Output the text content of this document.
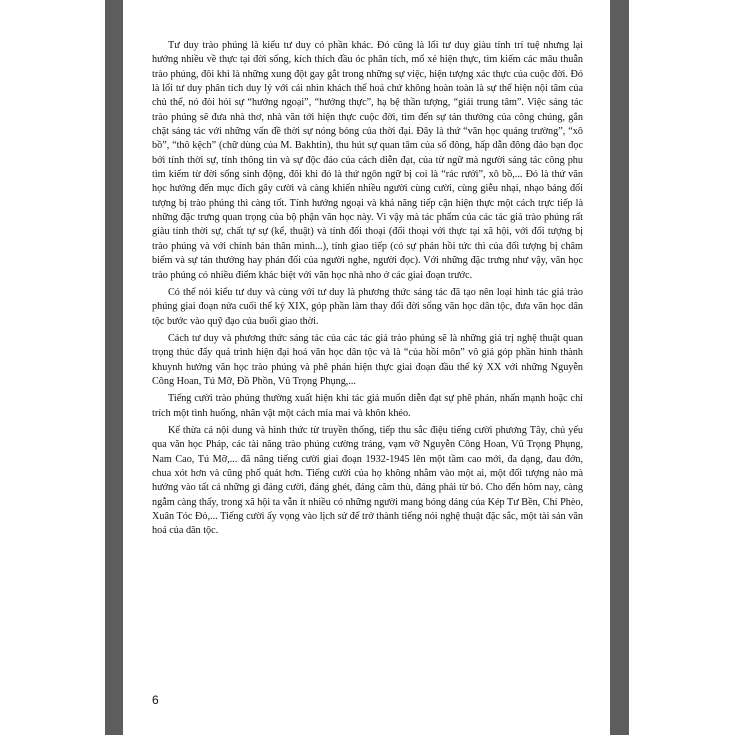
Tư duy trào phúng là kiểu tư duy có phần khác. Đó cũng là lối tư duy giàu tính trí tuệ nhưng lại hướng nhiều về thực tại đời sống, kích thích đầu óc phân tích, mổ xẻ hiện thực, tìm kiếm các mâu thuẫn trào phúng, đôi khi là những xung đột gay gắt trong những sự việc, hiện tượng xác thực của cuộc đời. Đó là lối tư duy phân tích duy lý với cái nhìn khách thể hoá chứ không hoàn toàn là sự thể hiện nội tâm của chủ thể, nó đòi hỏi sự “hướng ngoại”, “hướng thực”, hạ bệ thần tượng, “giải trung tâm”. Việc sáng tác trào phúng sẽ đưa nhà thơ, nhà văn tới hiện thực cuộc đời, tìm đến sự tán thưởng của công chúng, gắn chặt sáng tác với những vấn đề thời sự nóng bỏng của thời đại. Đây là thứ “văn học quảng trường”, “xô bồ”, “thô kệch” (chữ dùng của M. Bakhtin), thu hút sự quan tâm của số đông, hấp dẫn đông đảo bạn đọc bởi tính thời sự, tính thông tin và sự độc đáo của cách diễn đạt, của từ ngữ mà người sáng tác công phu tìm kiếm từ đời sống sinh động, đôi khi đó là thứ ngôn ngữ bị coi là “rác rưởi”, xô bồ,... Đó là thứ văn học hướng đến mục đích gây cười và càng khiến nhiều người cùng cười, cùng giễu nhại, nhạo báng đối tượng bị trào phúng thì càng tốt. Tính hướng ngoại và khả năng tiếp cận hiện thực một cách trực tiếp là những đặc trưng quan trọng của bộ phận văn học này. Vì vậy mà tác phẩm của các tác giả trào phúng rất giàu tính thời sự, chất tự sự (kể, thuật) và tính đối thoại (đối thoại với thực tại xã hội, với đối tượng bị trào phúng và với chính bản thân mình...), tính giao tiếp (có sự phản hồi tức thì của đối tượng bị châm biếm và sự tán thưởng hay phản đối của người nghe, người đọc). Với những đặc trưng như vậy, văn học trào phúng có nhiều điểm khác biệt với văn học nhà nho ở các giai đoạn trước.

Có thể nói kiểu tư duy và cùng với tư duy là phương thức sáng tác đã tạo nên loại hình tác giả trào phúng giai đoạn nửa cuối thế kỷ XIX, góp phần làm thay đổi đời sống văn học dân tộc, đưa văn học dân tộc bước vào quỹ đạo của buổi giao thời.

Cách tư duy và phương thức sáng tác của các tác giả trào phúng sẽ là những giá trị nghệ thuật quan trọng thúc đẩy quá trình hiện đại hoá văn học dân tộc và là “của hồi môn” vô giá góp phần hình thành khuynh hướng văn học trào phúng và phê phán hiện thực giai đoạn đầu thế kỷ XX với những Nguyễn Công Hoan, Tú Mỡ, Đồ Phồn, Vũ Trọng Phụng,...

Tiếng cười trào phúng thường xuất hiện khi tác giả muốn diễn đạt sự phê phán, nhấn mạnh hoặc chỉ trích một tình huống, nhân vật một cách mỉa mai và khôn khéo.

Kế thừa cả nội dung và hình thức từ truyền thống, tiếp thu sắc điệu tiếng cười phương Tây, chủ yếu qua văn học Pháp, các tài năng trào phúng cường tráng, vạm vỡ Nguyễn Công Hoan, Vũ Trọng Phụng, Nam Cao, Tú Mỡ,... đã nâng tiếng cười giai đoạn 1932-1945 lên một tầm cao mới, đa dạng, đau đớn, chua xót hơn và cũng phổ quát hơn. Tiếng cười của họ không nhằm vào một ai, một đối tượng nào mà hướng vào tất cả những gì đáng cười, đáng ghét, đáng căm thù, đáng phải từ bỏ. Cho đến hôm nay, càng ngẫm càng thấy, trong xã hội ta vẫn ít nhiều có những người mang bóng dáng của Kép Tư Bền, Chí Phèo, Xuân Tóc Đỏ,... Tiếng cười ấy vọng vào lịch sử để trở thành tiếng nói nghệ thuật đặc sắc, một tài sản văn hoá của dân tộc.

6
